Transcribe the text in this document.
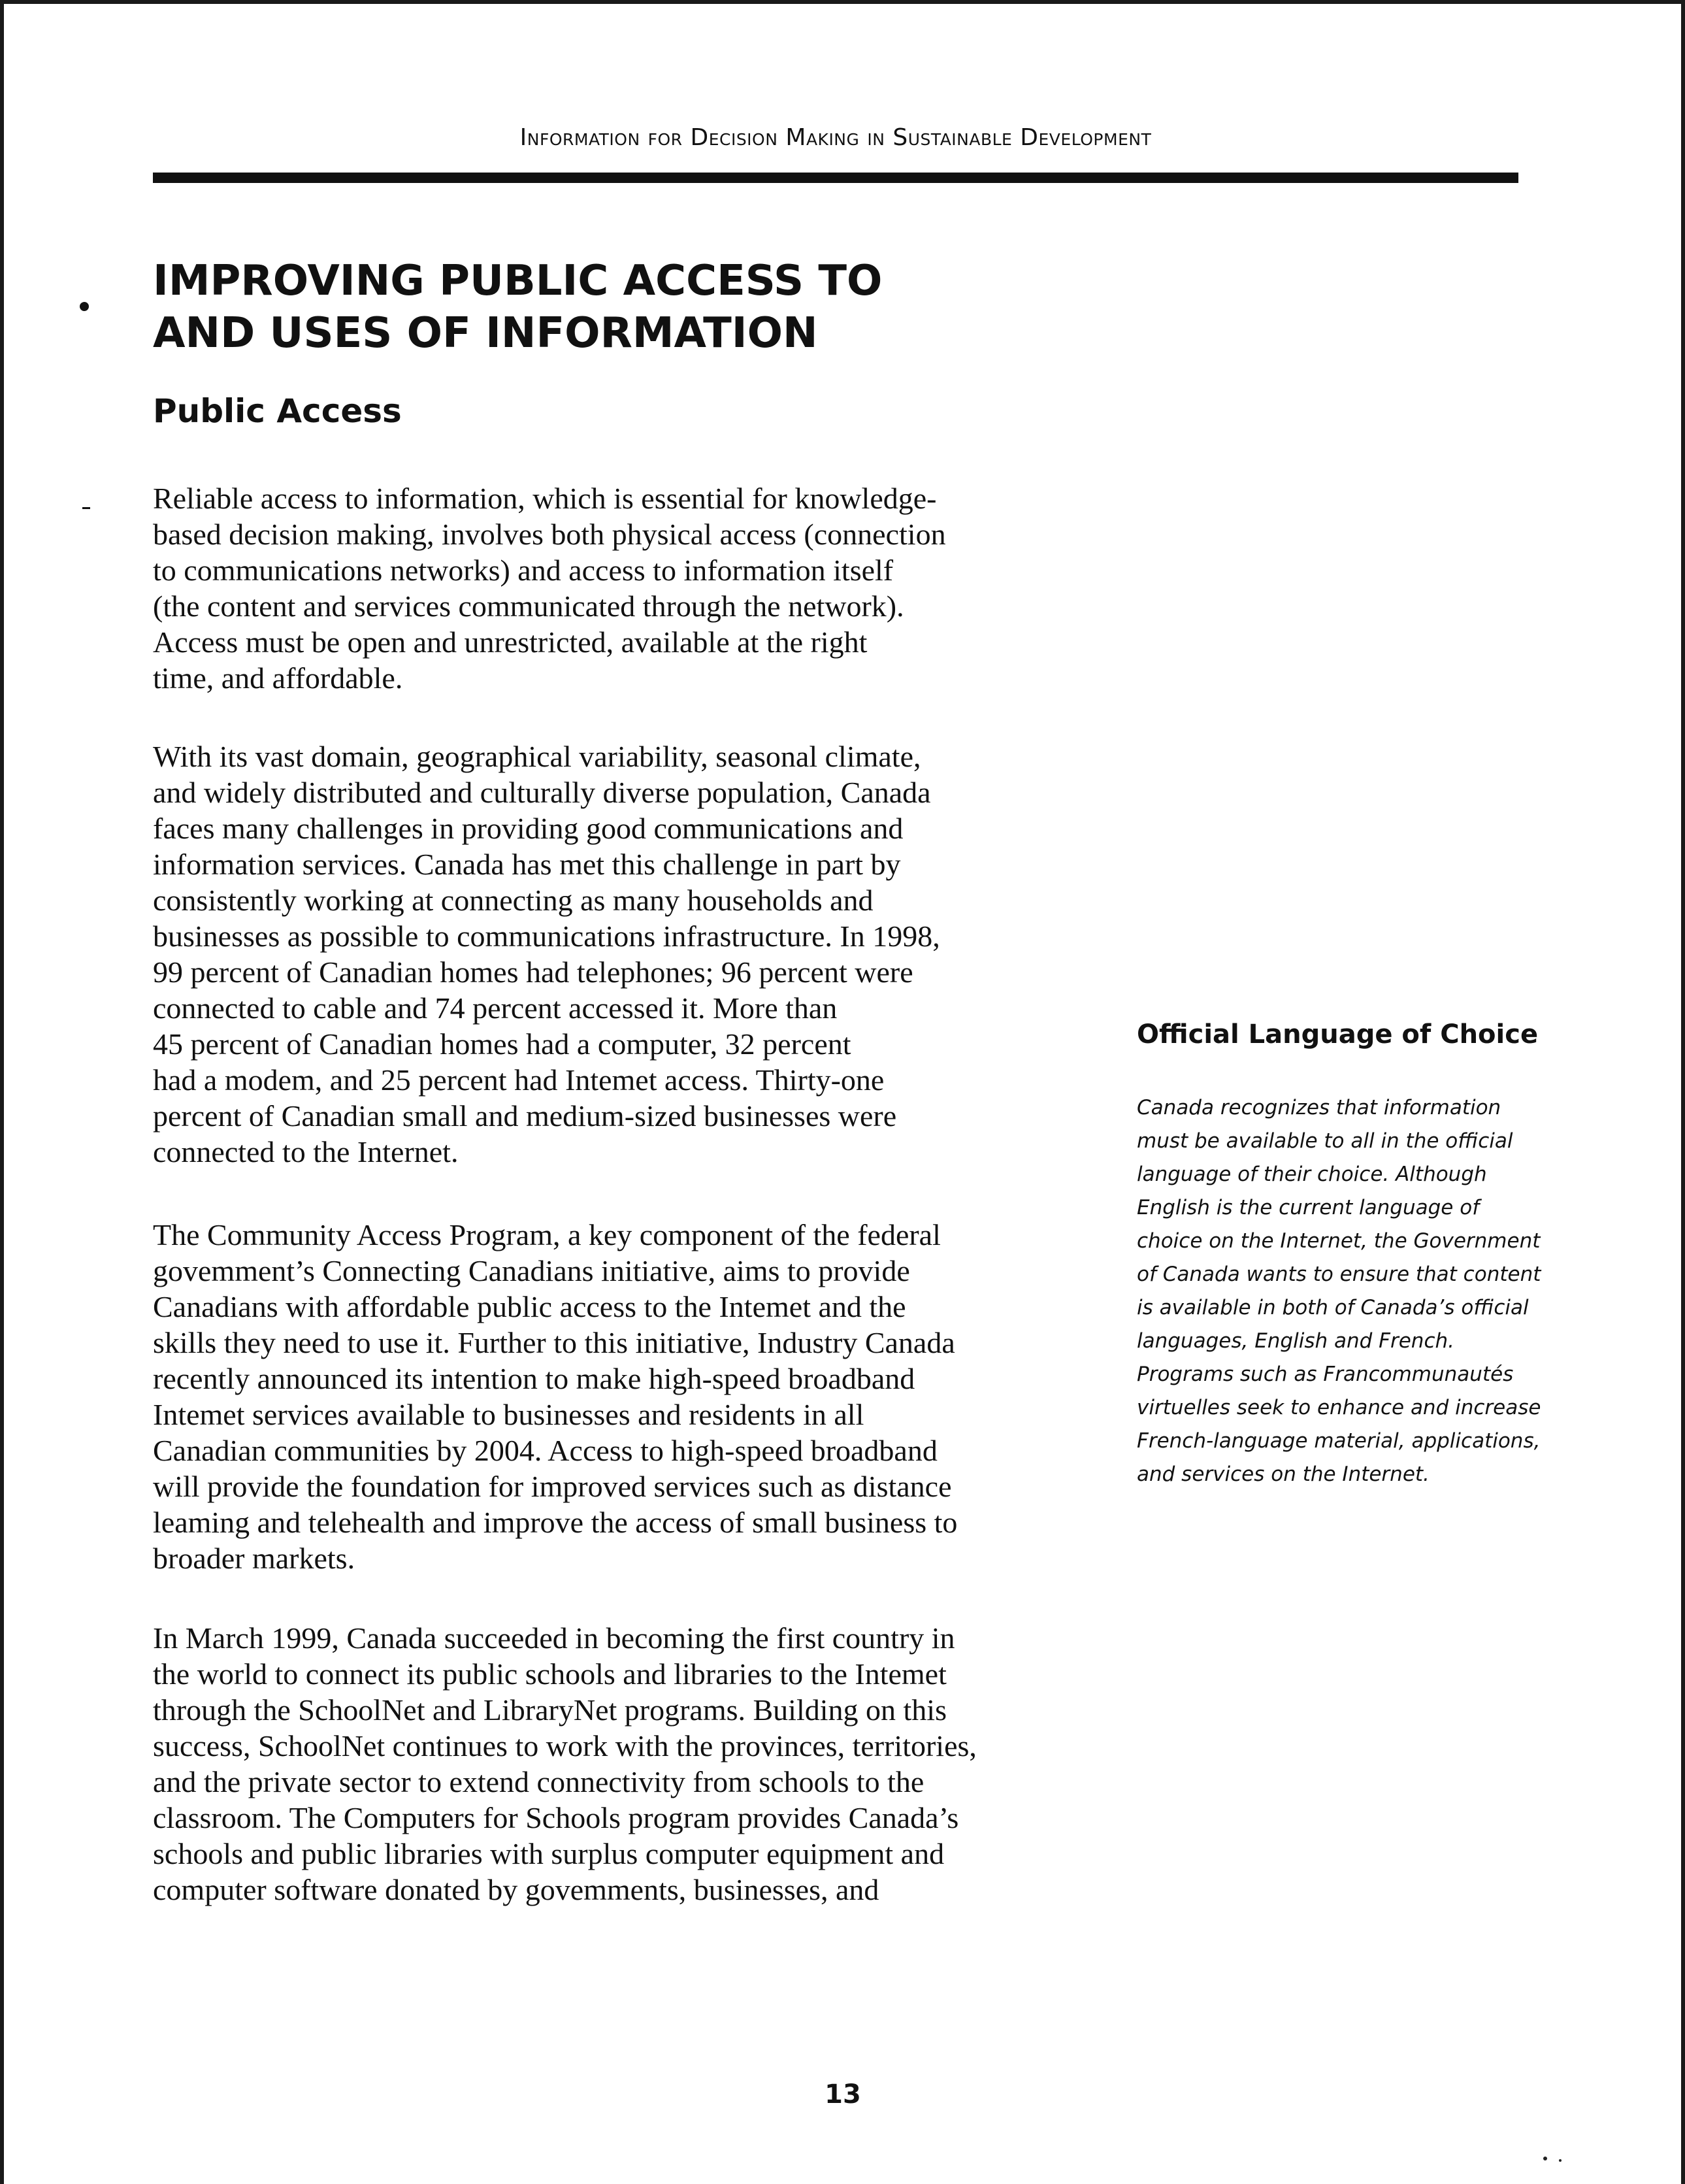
Information for Decision Making in Sustainable Development
IMPROVING PUBLIC ACCESS TO
AND USES OF INFORMATION
Public Access

Reliable access to information, which is essential for knowledge-
based decision making, involves both physical access (connection
to communications networks) and access to information itself
(the content and services communicated through the network).
Access must be open and unrestricted, available at the right
time, and affordable.

With its vast domain, geographical variability, seasonal climate,
and widely distributed and culturally diverse population, Canada
faces many challenges in providing good communications and
information services. Canada has met this challenge in part by
consistently working at connecting as many households and
businesses as possible to communications infrastructure. In 1998,
99 percent of Canadian homes had telephones; 96 percent were
connected to cable and 74 percent accessed it. More than
45 percent of Canadian homes had a computer, 32 percent
had a modem, and 25 percent had Intemet access. Thirty-one
percent of Canadian small and medium-sized businesses were
connected to the Internet.

The Community Access Program, a key component of the federal
govemment’s Connecting Canadians initiative, aims to provide
Canadians with affordable public access to the Intemet and the
skills they need to use it. Further to this initiative, Industry Canada
recently announced its intention to make high-speed broadband
Intemet services available to businesses and residents in all
Canadian communities by 2004. Access to high-speed broadband
will provide the foundation for improved services such as distance
leaming and telehealth and improve the access of small business to
broader markets.

In March 1999, Canada succeeded in becoming the first country in
the world to connect its public schools and libraries to the Intemet
through the SchoolNet and LibraryNet programs. Building on this
success, SchoolNet continues to work with the provinces, territories,
and the private sector to extend connectivity from schools to the
classroom. The Computers for Schools program provides Canada’s
schools and public libraries with surplus computer equipment and
computer software donated by govemments, businesses, and

Official Language of Choice
Canada recognizes that information
must be available to all in the official
language of their choice. Although
English is the current language of
choice on the Internet, the Government
of Canada wants to ensure that content
is available in both of Canada’s official
languages, English and French.
Programs such as Francommunautés
virtuelles seek to enhance and increase
French-language material, applications,
and services on the Internet.
13
